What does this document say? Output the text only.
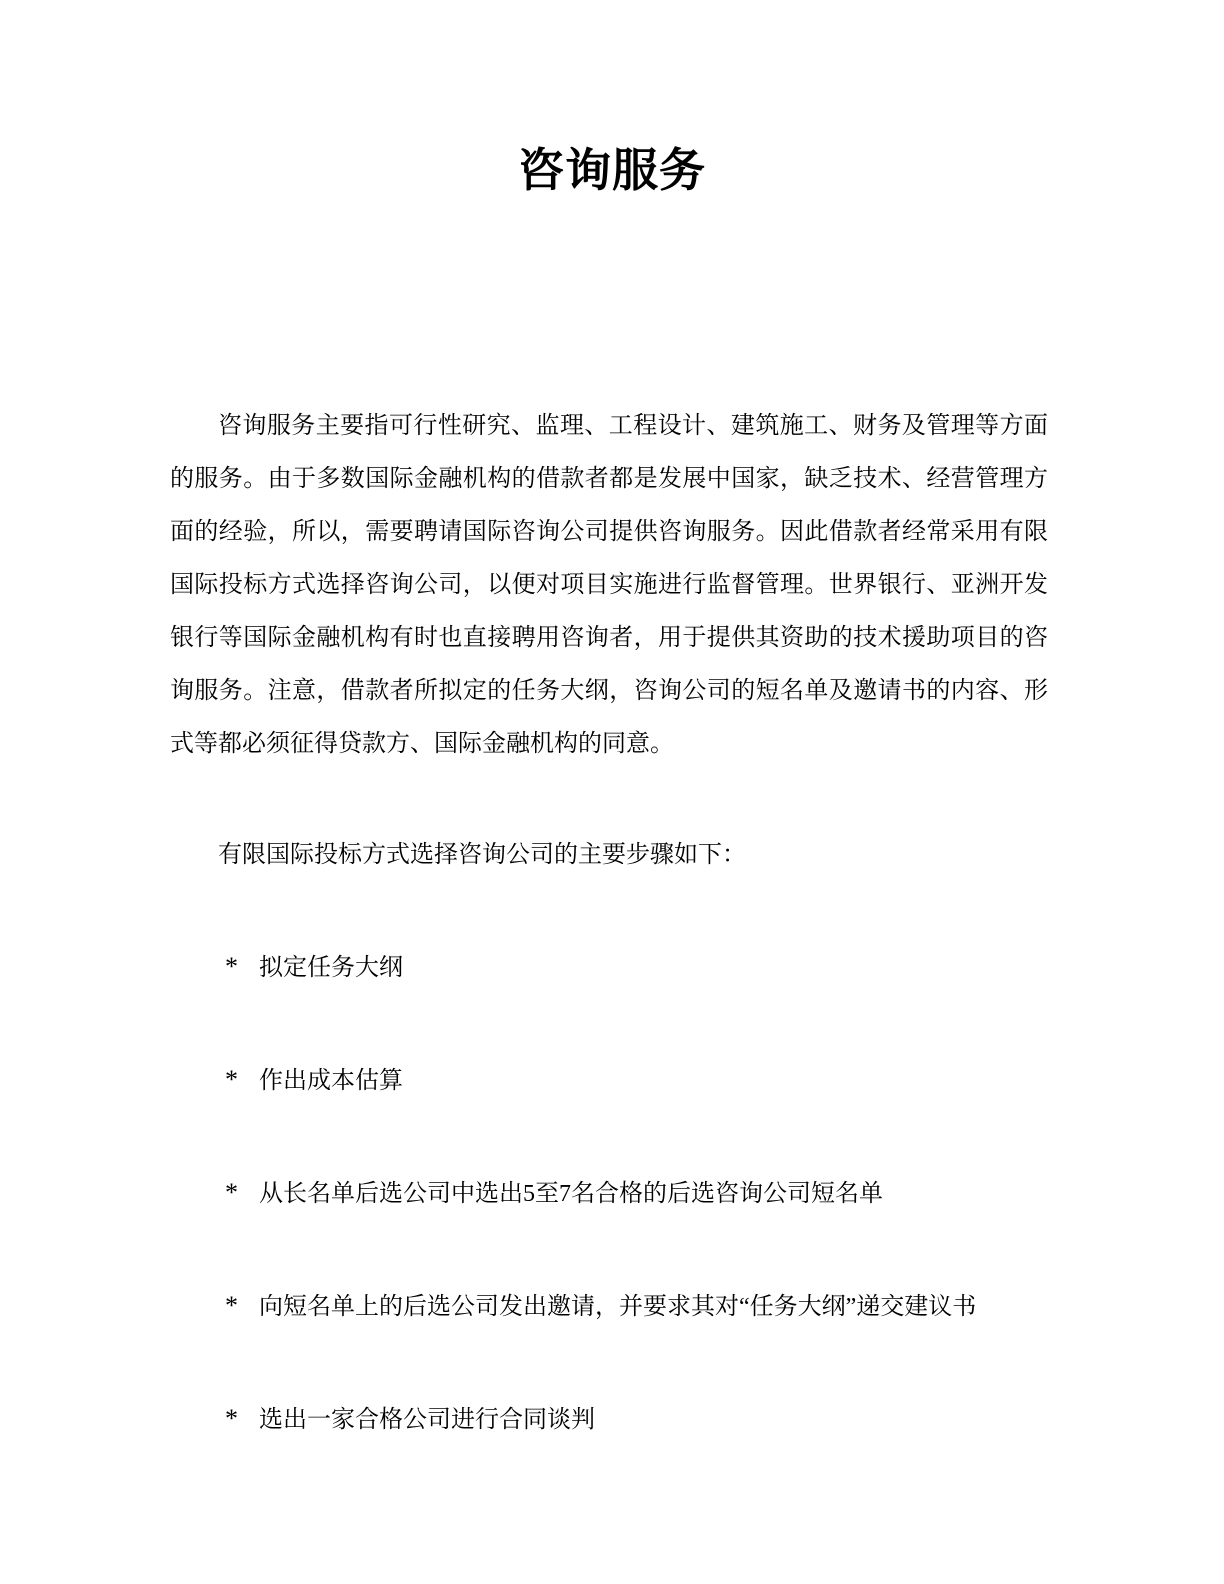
咨询服务

咨询服务主要指可行性研究、监理、工程设计、建筑施工、财务及管理等方面的服务。由于多数国际金融机构的借款者都是发展中国家，缺乏技术、经营管理方面的经验，所以，需要聘请国际咨询公司提供咨询服务。因此借款者经常采用有限国际投标方式选择咨询公司，以便对项目实施进行监督管理。世界银行、亚洲开发银行等国际金融机构有时也直接聘用咨询者，用于提供其资助的技术援助项目的咨询服务。注意，借款者所拟定的任务大纲，咨询公司的短名单及邀请书的内容、形式等都必须征得贷款方、国际金融机构的同意。

有限国际投标方式选择咨询公司的主要步骤如下：

* 拟定任务大纲
* 作出成本估算
* 从长名单后选公司中选出5至7名合格的后选咨询公司短名单
* 向短名单上的后选公司发出邀请，并要求其对“任务大纲”递交建议书
* 选出一家合格公司进行合同谈判
